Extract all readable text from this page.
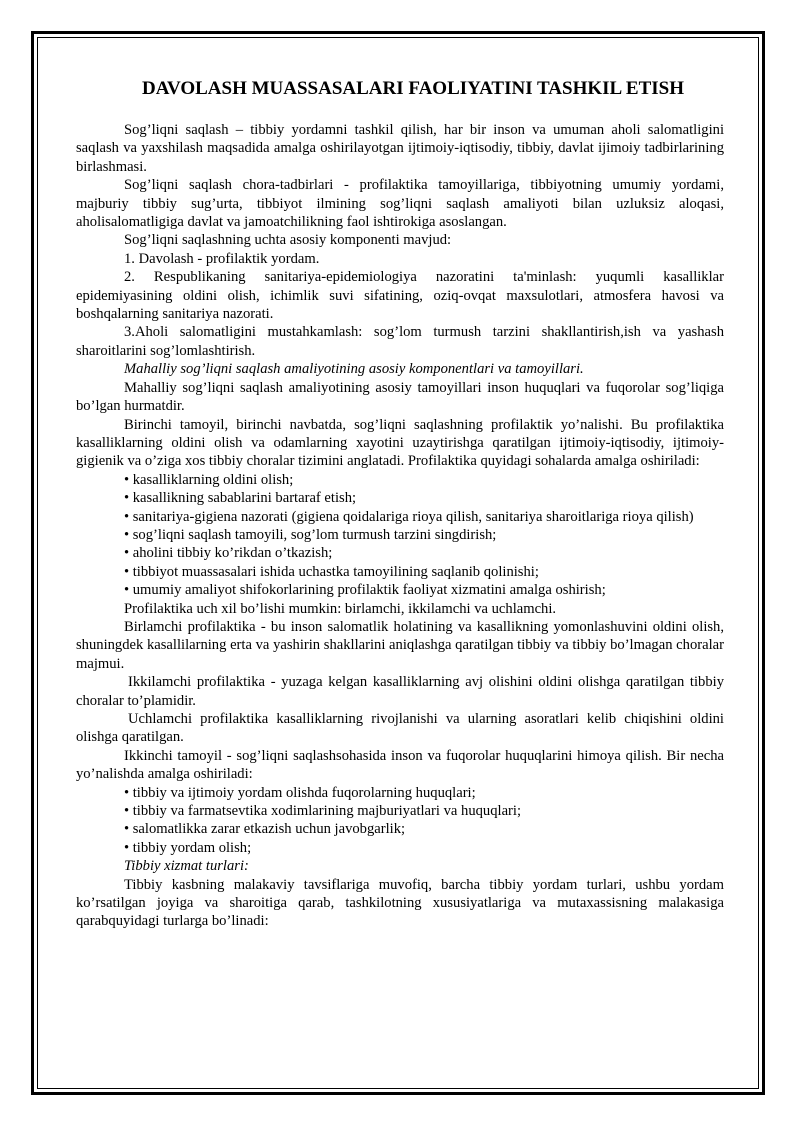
DAVOLASH MUASSASALARI FAOLIYATINI TASHKIL ETISH

Sog’liqni saqlash – tibbiy yordamni tashkil qilish, har bir inson va umuman aholi salomatligini saqlash va yaxshilash maqsadida amalga oshirilayotgan ijtimoiy-iqtisodiy, tibbiy, davlat ijimoiy tadbirlarining birlashmasi.

Sog’liqni saqlash chora-tadbirlari - profilaktika tamoyillariga, tibbiyotning umumiy yordami, majburiy tibbiy sug’urta, tibbiyot ilmining sog’liqni saqlash amaliyoti bilan uzluksiz aloqasi, aholisalomatligiga davlat va jamoatchilikning faol ishtirokiga asoslangan.

Sog’liqni saqlashning uchta asosiy komponenti mavjud:

1. Davolash - profilaktik yordam.

2. Respublikaning sanitariya-epidemiologiya nazoratini ta'minlash: yuqumli kasalliklar epidemiyasining oldini olish, ichimlik suvi sifatining, oziq-ovqat maxsulotlari, atmosfera havosi va boshqalarning sanitariya nazorati.

3.Aholi salomatligini mustahkamlash: sog’lom turmush tarzini shakllantirish,ish va yashash sharoitlarini sog’lomlashtirish.

Mahalliy sog’liqni saqlash amaliyotining asosiy komponentlari va tamoyillari.

Mahalliy sog’liqni saqlash amaliyotining asosiy tamoyillari inson huquqlari va fuqorolar sog’liqiga bo’lgan hurmatdir.

Birinchi tamoyil, birinchi navbatda, sog’liqni saqlashning profilaktik yo’nalishi. Bu profilaktika kasalliklarning oldini olish va odamlarning xayotini uzaytirishga qaratilgan ijtimoiy-iqtisodiy, ijtimoiy-gigienik va o’ziga xos tibbiy choralar tizimini anglatadi. Profilaktika quyidagi sohalarda amalga oshiriladi:

• kasalliklarning oldini olish;

• kasallikning sabablarini bartaraf etish;

• sanitariya-gigiena nazorati (gigiena qoidalariga rioya qilish, sanitariya sharoitlariga rioya qilish)

• sog’liqni saqlash tamoyili, sog’lom turmush tarzini singdirish;

• aholini tibbiy ko’rikdan o’tkazish;

• tibbiyot muassasalari ishida uchastka tamoyilining saqlanib qolinishi;

• umumiy amaliyot shifokorlarining profilaktik faoliyat xizmatini amalga oshirish;

Profilaktika uch xil bo’lishi mumkin: birlamchi, ikkilamchi va uchlamchi.

Birlamchi profilaktika - bu inson salomatlik holatining va kasallikning yomonlashuvini oldini olish, shuningdek kasallilarning erta va yashirin shakllarini aniqlashga qaratilgan tibbiy va tibbiy bo’lmagan choralar majmui.

Ikkilamchi profilaktika - yuzaga kelgan kasalliklarning avj olishini oldini olishga qaratilgan tibbiy choralar to’plamidir.

Uchlamchi profilaktika kasalliklarning rivojlanishi va ularning asoratlari kelib chiqishini oldini olishga qaratilgan.

Ikkinchi tamoyil - sog’liqni saqlashsohasida inson va fuqorolar huquqlarini himoya qilish. Bir necha yo’nalishda amalga oshiriladi:

• tibbiy va ijtimoiy yordam olishda fuqorolarning huquqlari;

• tibbiy va farmatsevtika xodimlarining majburiyatlari va huquqlari;

• salomatlikka zarar etkazish uchun javobgarlik;

• tibbiy yordam olish;

Tibbiy xizmat turlari:

Tibbiy kasbning malakaviy tavsiflariga muvofiq, barcha tibbiy yordam turlari, ushbu yordam ko’rsatilgan joyiga va sharoitiga qarab, tashkilotning xususiyatlariga va mutaxassisning malakasiga qarabquyidagi turlarga bo’linadi:
